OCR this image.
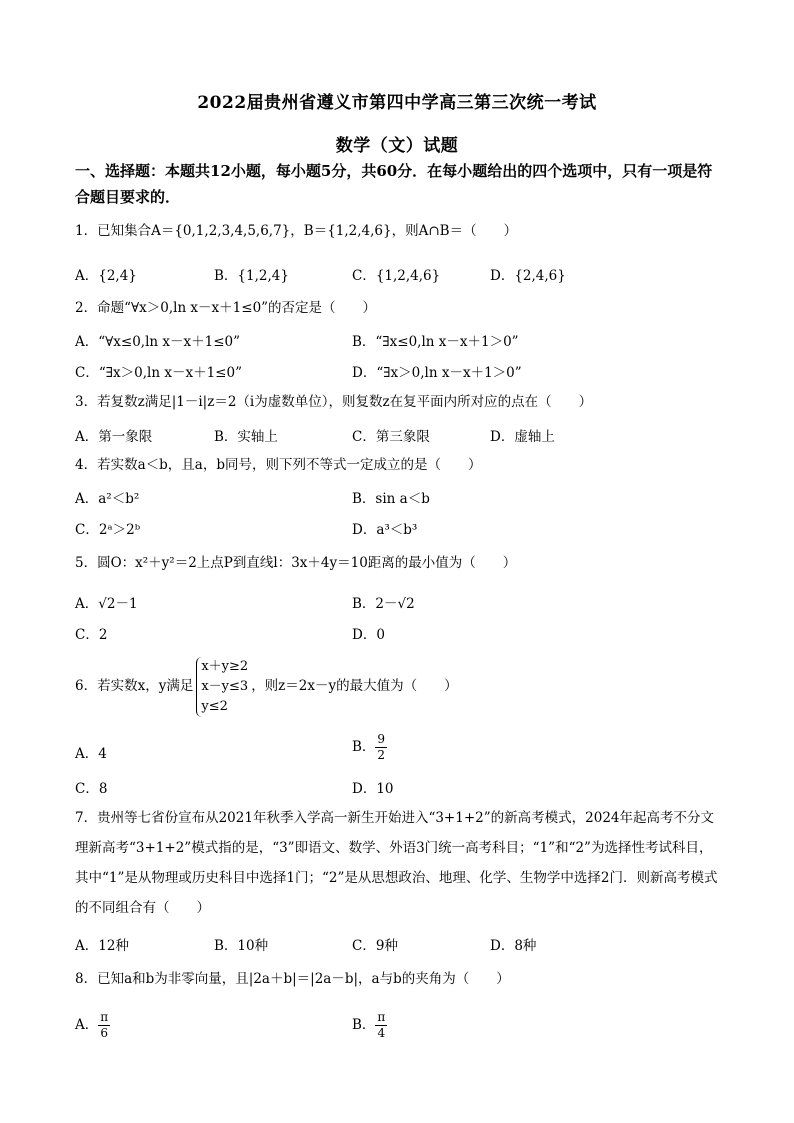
2022届贵州省遵义市第四中学高三第三次统一考试
数学（文）试题
一、选择题：本题共12小题，每小题5分，共60分．在每小题给出的四个选项中，只有一项是符合题目要求的．
1．已知集合A＝{0,1,2,3,4,5,6,7}，B＝{1,2,4,6}，则A∩B＝（　　）
A．{2,4}	B．{1,2,4}	C．{1,2,4,6}	D．{2,4,6}
2．命题“∀x＞0,ln x－x＋1≤0”的否定是（　　）
A．“∀x≤0,ln x－x＋1≤0”	B．“∃x≤0,ln x－x＋1＞0”
C．“∃x＞0,ln x－x＋1≤0”	D．“∃x＞0,ln x－x＋1＞0”
3．若复数z满足|1－i|z＝2（i为虚数单位），则复数z在复平面内所对应的点在（　　）
A．第一象限	B．实轴上	C．第三象限	D．虚轴上
4．若实数a＜b，且a，b同号，则下列不等式一定成立的是（　　）
A．a²＜b²	B．sin a＜b
C．2ᵃ＞2ᵇ	D．a³＜b³
5．圆O：x²＋y²＝2上点P到直线l：3x＋4y＝10距离的最小值为（　　）
A．√2－1	B．2－√2
C．2	D．0
6．若实数x，y满足
x＋y≥2
x－y≤3
y≤2
，则z＝2x－y的最大值为（　　）
A．4	B． $\frac{9}{2}$
C．8	D．10
7．贵州等七省份宣布从2021年秋季入学高一新生开始进入“3+1+2”的新高考模式，2024年起高考不分文理新高考“3+1+2”模式指的是，“3”即语文、数学、外语3门统一高考科目；“1”和“2”为选择性考试科目，其中“1”是从物理或历史科目中选择1门；“2”是从思想政治、地理、化学、生物学中选择2门．则新高考模式的不同组合有（　　）
A．12种	B．10种	C．9种	D．8种
8．已知a和b为非零向量，且|2a＋b|＝|2a－b|，a与b的夹角为（　　）
A． $\frac{\pi}{6}$	B． $\frac{\pi}{4}$
